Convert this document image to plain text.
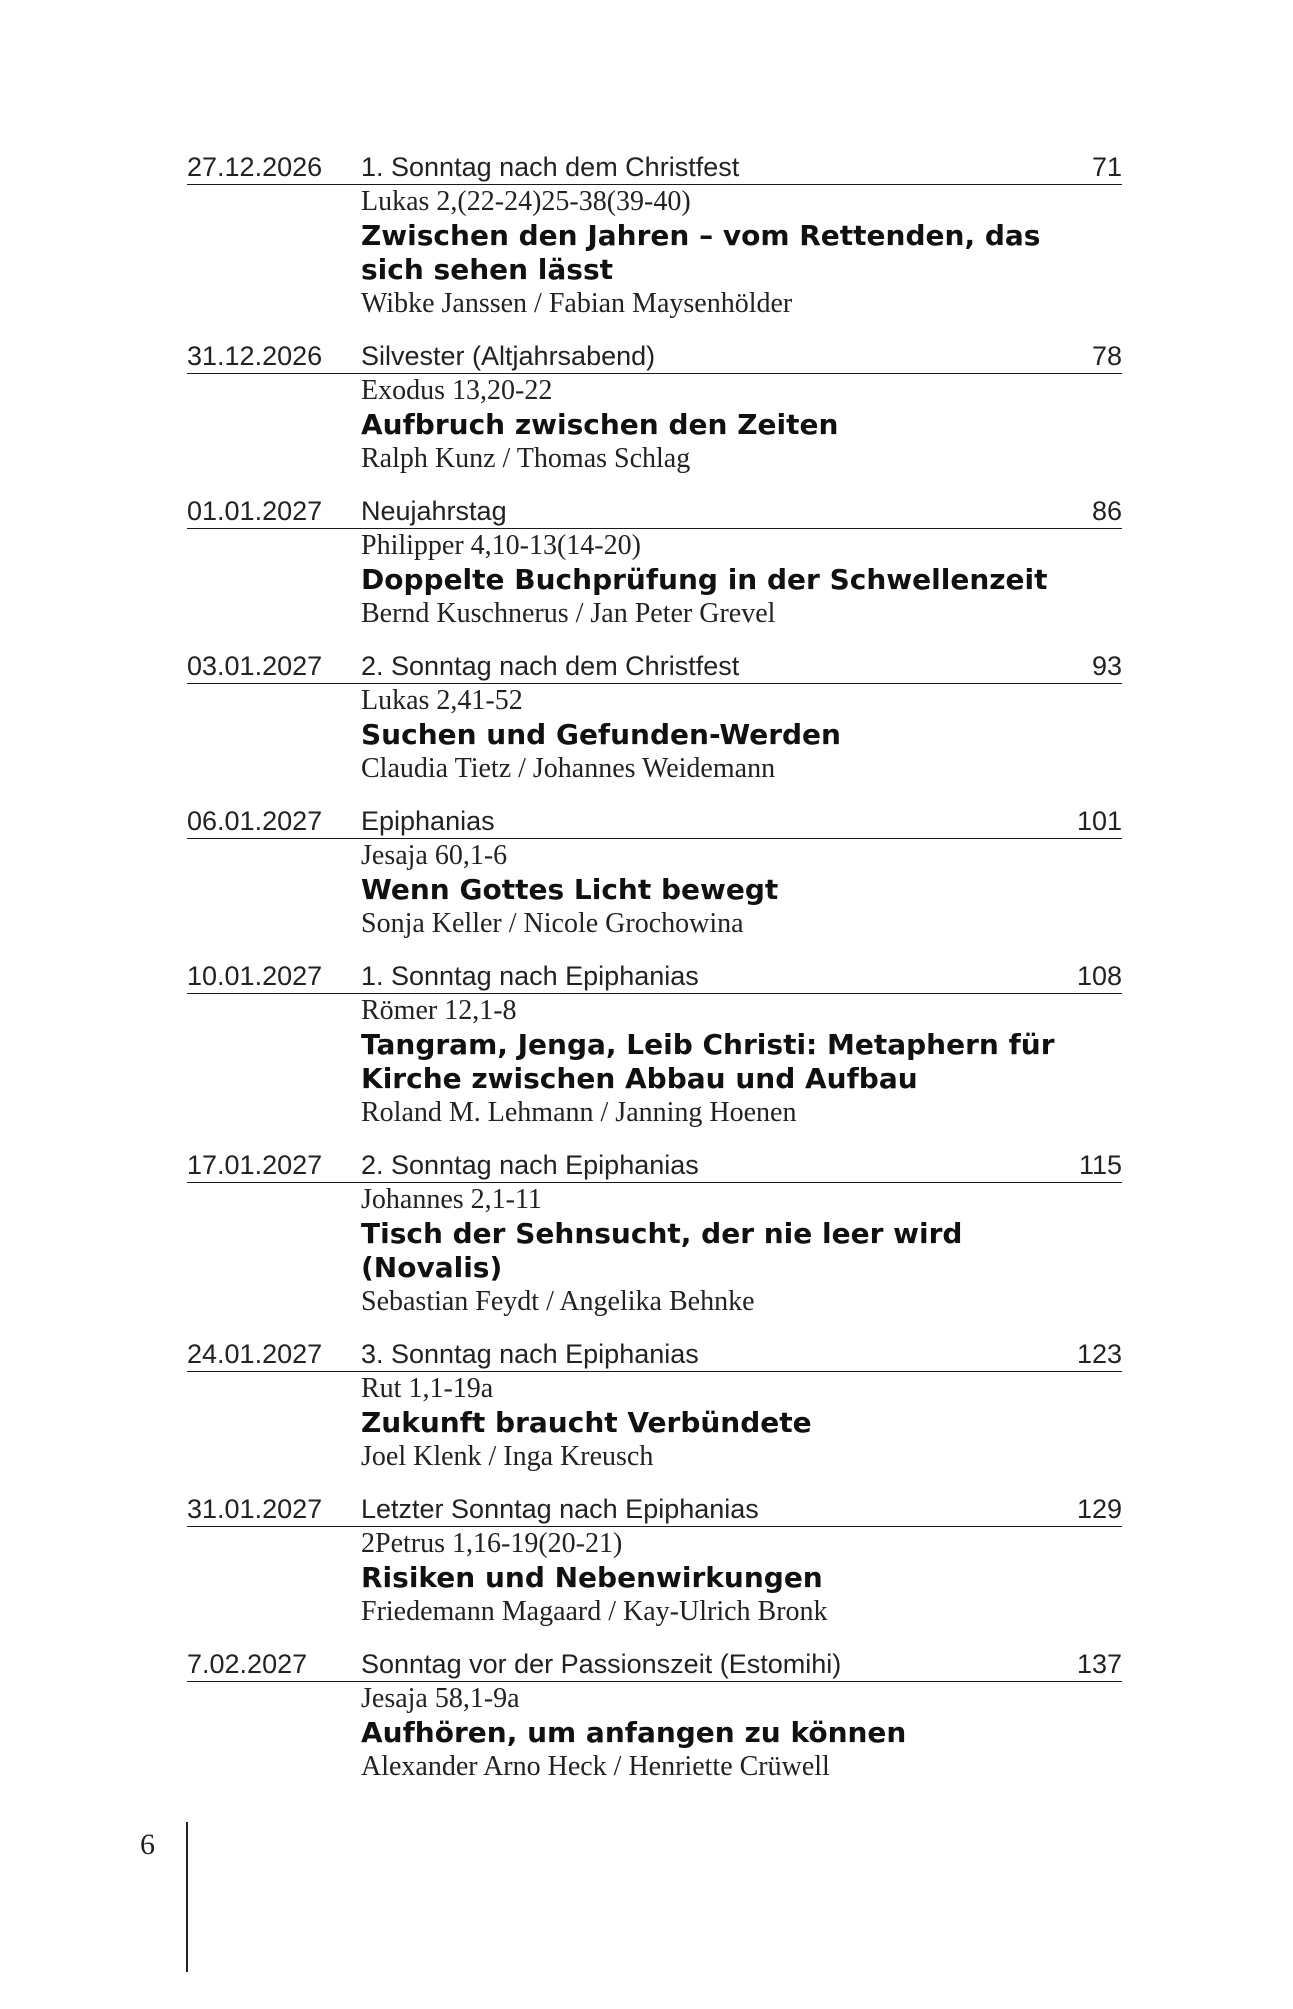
27.12.2026	1. Sonntag nach dem Christfest	71
Lukas 2,(22-24)25-38(39-40)
Zwischen den Jahren – vom Rettenden, das sich sehen lässt
Wibke Janssen / Fabian Maysenhölder
31.12.2026	Silvester (Altjahrsabend)	78
Exodus 13,20-22
Aufbruch zwischen den Zeiten
Ralph Kunz / Thomas Schlag
01.01.2027	Neujahrstag	86
Philipper 4,10-13(14-20)
Doppelte Buchprüfung in der Schwellenzeit
Bernd Kuschnerus / Jan Peter Grevel
03.01.2027	2. Sonntag nach dem Christfest	93
Lukas 2,41-52
Suchen und Gefunden-Werden
Claudia Tietz / Johannes Weidemann
06.01.2027	Epiphanias	101
Jesaja 60,1-6
Wenn Gottes Licht bewegt
Sonja Keller / Nicole Grochowina
10.01.2027	1. Sonntag nach Epiphanias	108
Römer 12,1-8
Tangram, Jenga, Leib Christi: Metaphern für Kirche zwischen Abbau und Aufbau
Roland M. Lehmann / Janning Hoenen
17.01.2027	2. Sonntag nach Epiphanias	115
Johannes 2,1-11
Tisch der Sehnsucht, der nie leer wird (Novalis)
Sebastian Feydt / Angelika Behnke
24.01.2027	3. Sonntag nach Epiphanias	123
Rut 1,1-19a
Zukunft braucht Verbündete
Joel Klenk / Inga Kreusch
31.01.2027	Letzter Sonntag nach Epiphanias	129
2Petrus 1,16-19(20-21)
Risiken und Nebenwirkungen
Friedemann Magaard / Kay-Ulrich Bronk
7.02.2027	Sonntag vor der Passionszeit (Estomihi)	137
Jesaja 58,1-9a
Aufhören, um anfangen zu können
Alexander Arno Heck / Henriette Crüwell
6
